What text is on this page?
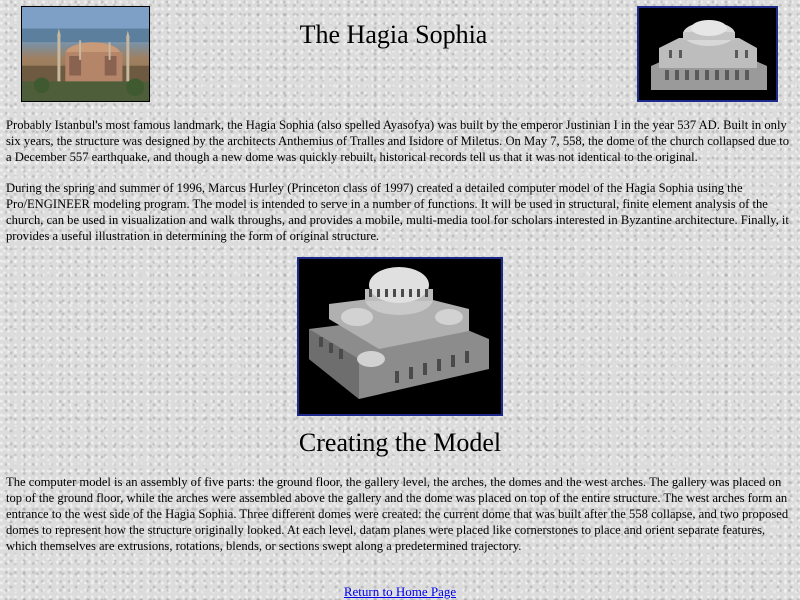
The Hagia Sophia

Probably Istanbul's most famous landmark, the Hagia Sophia (also spelled Ayasofya) was built by the emperor Justinian I in the year 537 AD. Built in only six years, the structure was designed by the architects Anthemius of Tralles and Isidore of Miletus. On May 7, 558, the dome of the church collapsed due to a December 557 earthquake, and though a new dome was quickly rebuilt, historical records tell us that it was not identical to the original.

During the spring and summer of 1996, Marcus Hurley (Princeton class of 1997) created a detailed computer model of the Hagia Sophia using the Pro/ENGINEER modeling program. The model is intended to serve in a number of functions. It will be used in structural, finite element analysis of the church, can be used in visualization and walk throughs, and provides a mobile, multi-media tool for scholars interested in Byzantine architecture. Finally, it provides a useful illustration in determining the form of original structure.

Creating the Model

The computer model is an assembly of five parts: the ground floor, the gallery level, the arches, the domes and the west arches. The gallery was placed on top of the ground floor, while the arches were assembled above the gallery and the dome was placed on top of the entire structure. The west arches form an entrance to the west side of the Hagia Sophia. Three different domes were created: the current dome that was built after the 558 collapse, and two proposed domes to represent how the structure originally looked. At each level, datam planes were placed like cornerstones to place and orient separate features, which themselves are extrusions, rotations, blends, or sections swept along a predetermined trajectory.

Return to Home Page
